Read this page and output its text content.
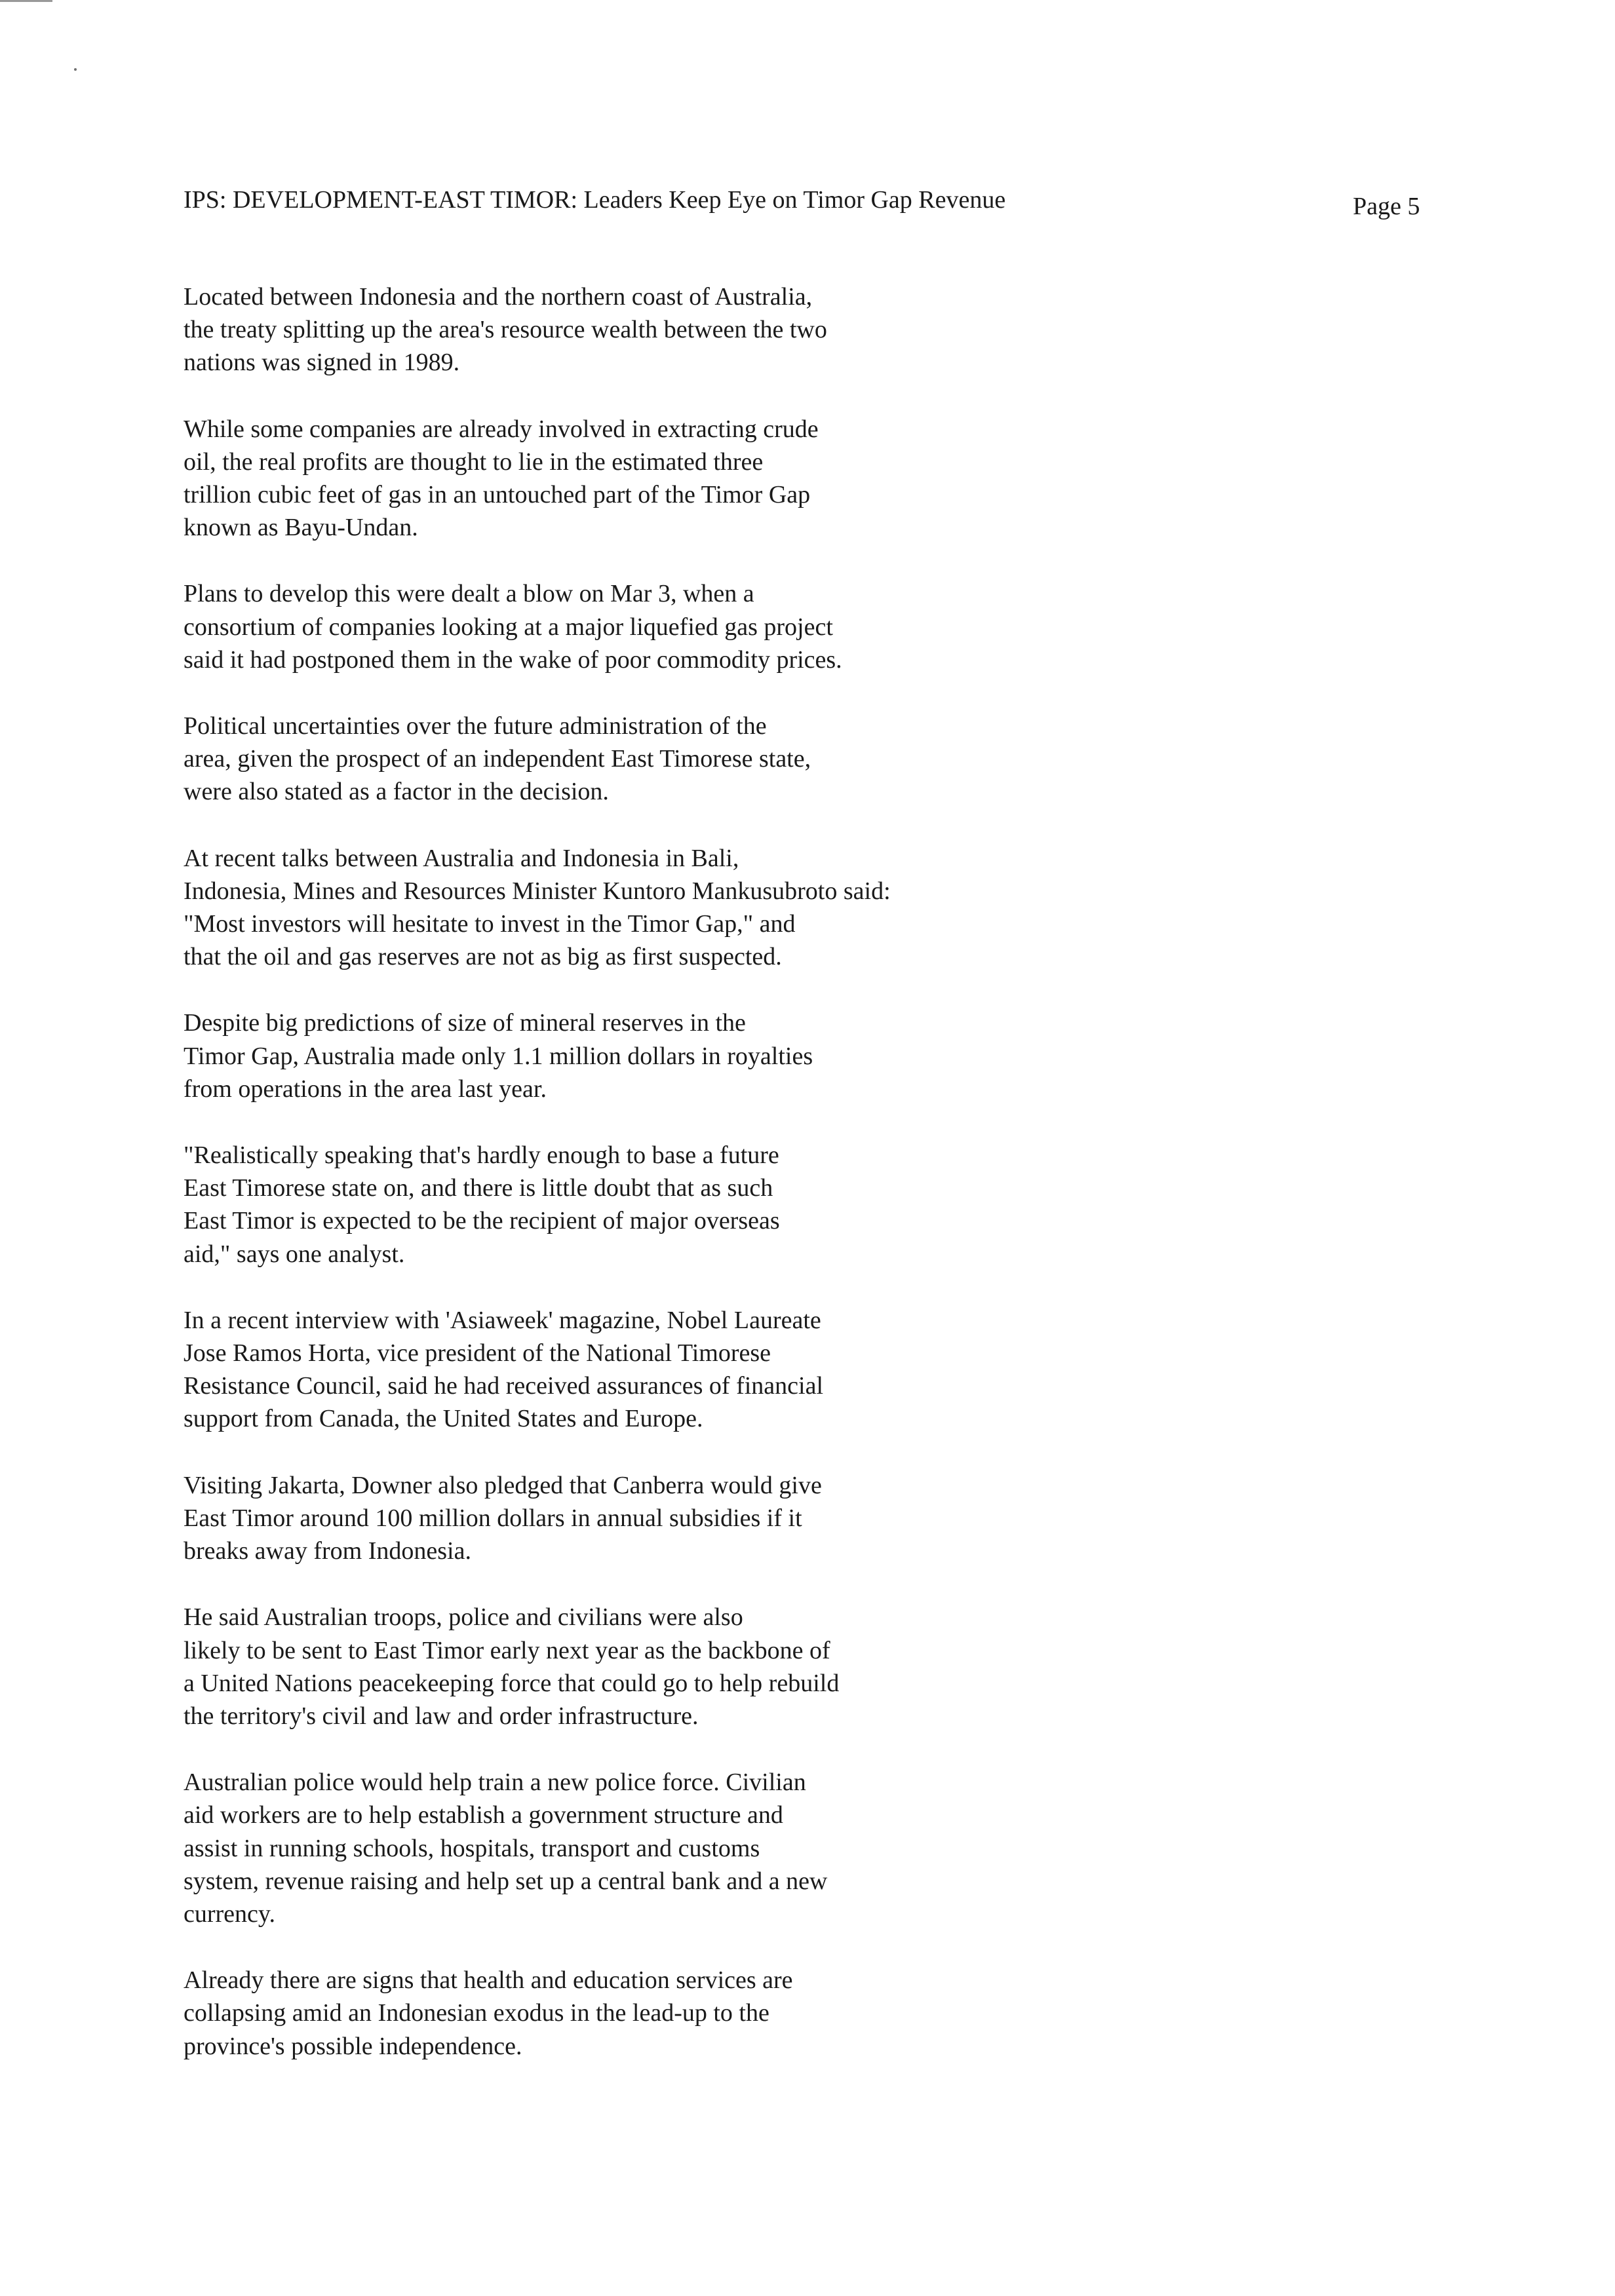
IPS: DEVELOPMENT-EAST TIMOR: Leaders Keep Eye on Timor Gap Revenue	Page 5

Located between Indonesia and the northern coast of Australia,
the treaty splitting up the area's resource wealth between the two
nations was signed in 1989.

While some companies are already involved in extracting crude
oil, the real profits are thought to lie in the estimated three
trillion cubic feet of gas in an untouched part of the Timor Gap
known as Bayu-Undan.

Plans to develop this were dealt a blow on Mar 3, when a
consortium of companies looking at a major liquefied gas project
said it had postponed them in the wake of poor commodity prices.

Political uncertainties over the future administration of the
area, given the prospect of an independent East Timorese state,
were also stated as a factor in the decision.

At recent talks between Australia and Indonesia in Bali,
Indonesia, Mines and Resources Minister Kuntoro Mankusubroto said:
"Most investors will hesitate to invest in the Timor Gap," and
that the oil and gas reserves are not as big as first suspected.

Despite big predictions of size of mineral reserves in the
Timor Gap, Australia made only 1.1 million dollars in royalties
from operations in the area last year.

"Realistically speaking that's hardly enough to base a future
East Timorese state on, and there is little doubt that as such
East Timor is expected to be the recipient of major overseas
aid," says one analyst.

In a recent interview with 'Asiaweek' magazine, Nobel Laureate
Jose Ramos Horta, vice president of the National Timorese
Resistance Council, said he had received assurances of financial
support from Canada, the United States and Europe.

Visiting Jakarta, Downer also pledged that Canberra would give
East Timor around 100 million dollars in annual subsidies if it
breaks away from Indonesia.

He said Australian troops, police and civilians were also
likely to be sent to East Timor early next year as the backbone of
a United Nations peacekeeping force that could go to help rebuild
the territory's civil and law and order infrastructure.

Australian police would help train a new police force. Civilian
aid workers are to help establish a government structure and
assist in running schools, hospitals, transport and customs
system, revenue raising and help set up a central bank and a new
currency.

Already there are signs that health and education services are
collapsing amid an Indonesian exodus in the lead-up to the
province's possible independence.
